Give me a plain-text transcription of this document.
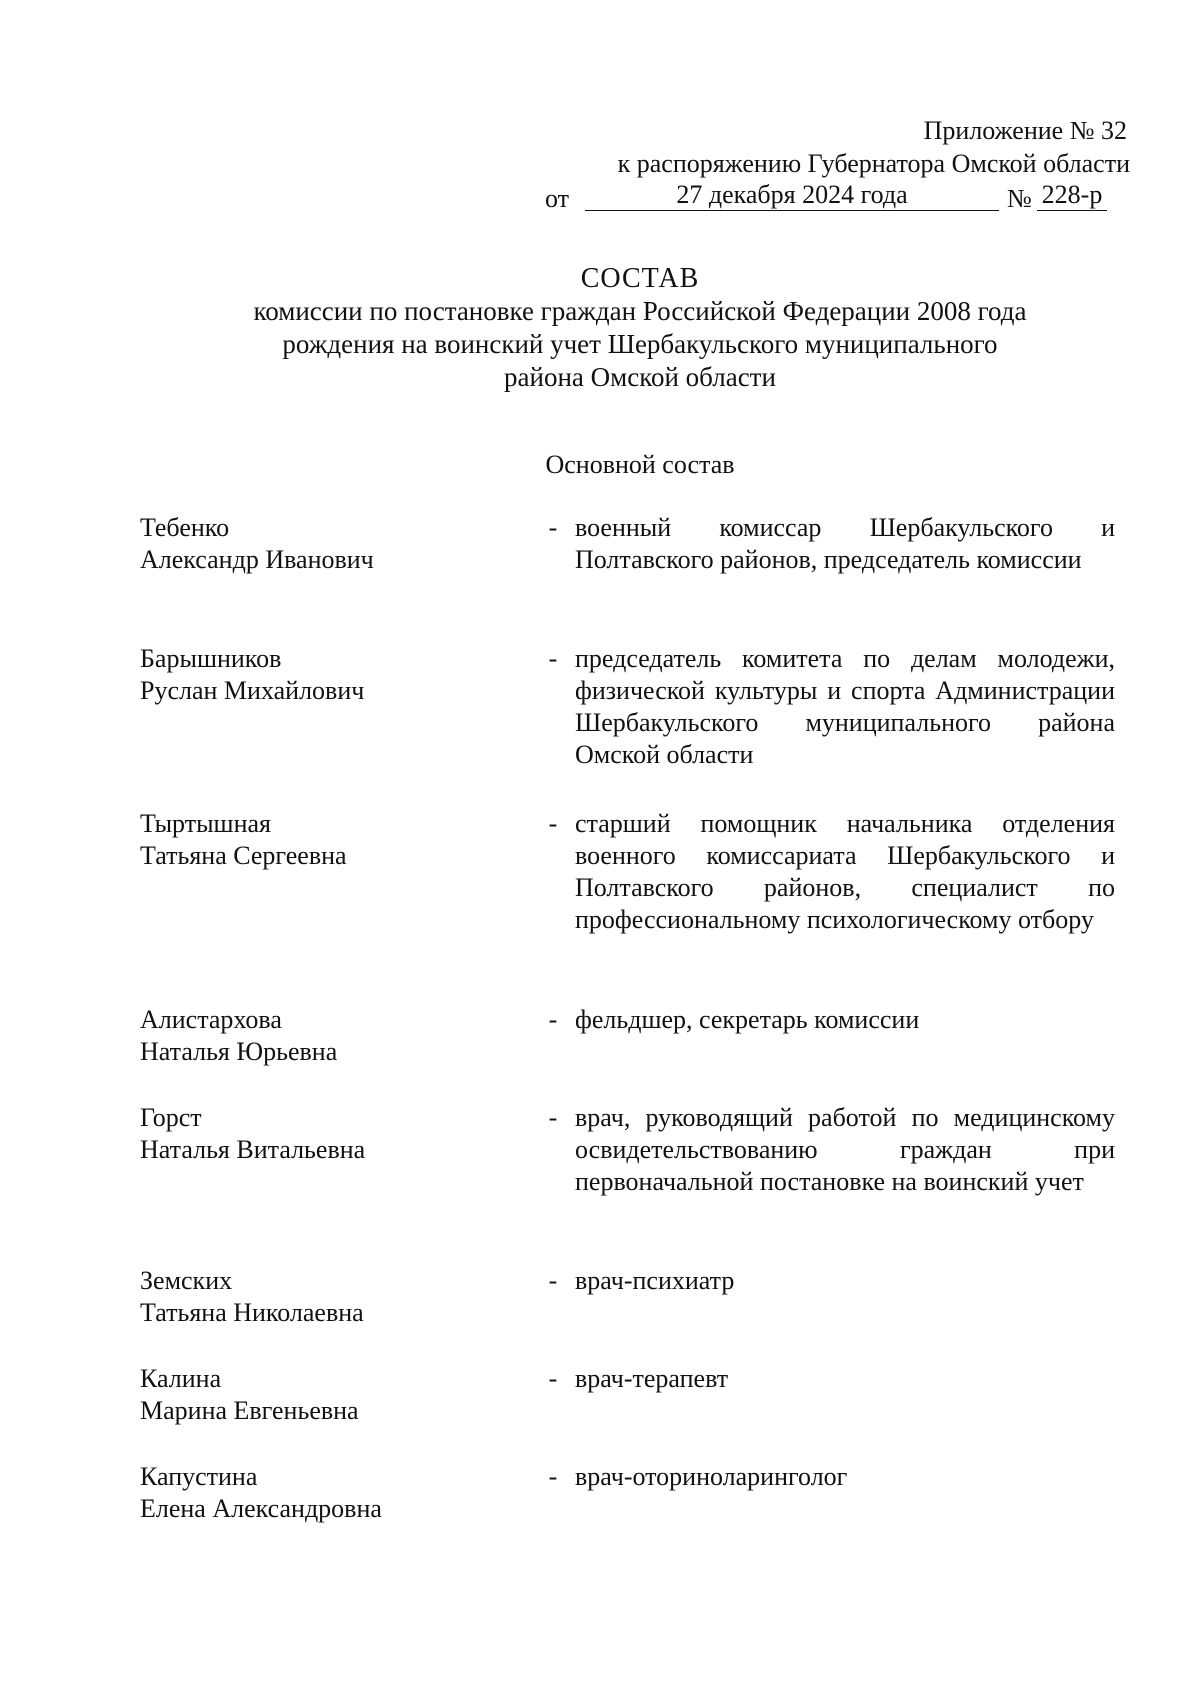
Приложение № 32
к распоряжению Губернатора Омской области
от	27 декабря 2024 года	№ 228-р
СОСТАВ
комиссии по постановке граждан Российской Федерации 2008 года
рождения на воинский учет Шербакульского муниципального
района Омской области
Основной состав
Тебенко
Александр Иванович
- военный комиссар Шербакульского и Полтавского районов, председатель комиссии
Барышников
Руслан Михайлович
- председатель комитета по делам молодежи, физической культуры и спорта Администрации Шербакульского муниципального района Омской области
Тыртышная
Татьяна Сергеевна
- старший помощник начальника отделения военного комиссариата Шербакульского и Полтавского районов, специалист по профессиональному психологическому отбору
Алистархова
Наталья Юрьевна
- фельдшер, секретарь комиссии
Горст
Наталья Витальевна
- врач, руководящий работой по медицинскому освидетельствованию граждан при первоначальной постановке на воинский учет
Земских
Татьяна Николаевна
- врач-психиатр
Калина
Марина Евгеньевна
- врач-терапевт
Капустина
Елена Александровна
- врач-оториноларинголог
